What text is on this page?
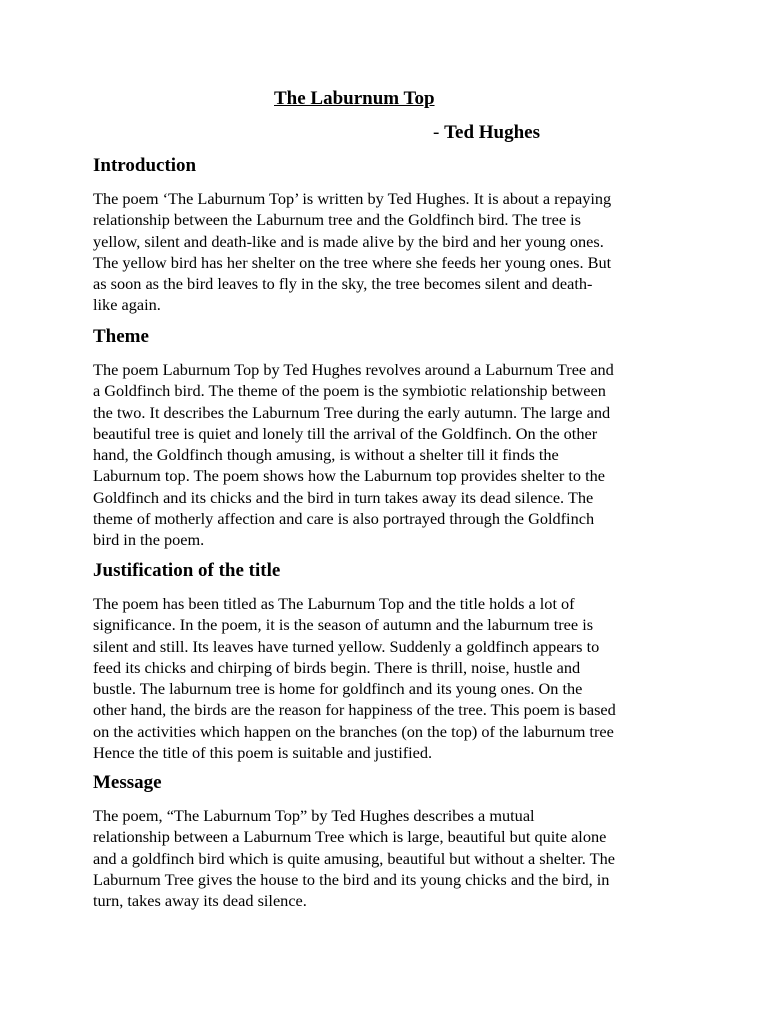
The Laburnum Top
- Ted Hughes
Introduction

The poem ‘The Laburnum Top’ is written by Ted Hughes. It is about a repaying
relationship between the Laburnum tree and the Goldfinch bird. The tree is
yellow, silent and death-like and is made alive by the bird and her young ones.
The yellow bird has her shelter on the tree where she feeds her young ones. But
as soon as the bird leaves to fly in the sky, the tree becomes silent and death-
like again.

Theme

The poem Laburnum Top by Ted Hughes revolves around a Laburnum Tree and
a Goldfinch bird. The theme of the poem is the symbiotic relationship between
the two. It describes the Laburnum Tree during the early autumn. The large and
beautiful tree is quiet and lonely till the arrival of the Goldfinch. On the other
hand, the Goldfinch though amusing, is without a shelter till it finds the
Laburnum top. The poem shows how the Laburnum top provides shelter to the
Goldfinch and its chicks and the bird in turn takes away its dead silence. The
theme of motherly affection and care is also portrayed through the Goldfinch
bird in the poem.

Justification of the title

The poem has been titled as The Laburnum Top and the title holds a lot of
significance. In the poem, it is the season of autumn and the laburnum tree is
silent and still. Its leaves have turned yellow. Suddenly a goldfinch appears to
feed its chicks and chirping of birds begin. There is thrill, noise, hustle and
bustle. The laburnum tree is home for goldfinch and its young ones. On the
other hand, the birds are the reason for happiness of the tree. This poem is based
on the activities which happen on the branches (on the top) of the laburnum tree
Hence the title of this poem is suitable and justified.

Message

The poem, “The Laburnum Top” by Ted Hughes describes a mutual
relationship between a Laburnum Tree which is large, beautiful but quite alone
and a goldfinch bird which is quite amusing, beautiful but without a shelter. The
Laburnum Tree gives the house to the bird and its young chicks and the bird, in
turn, takes away its dead silence.
